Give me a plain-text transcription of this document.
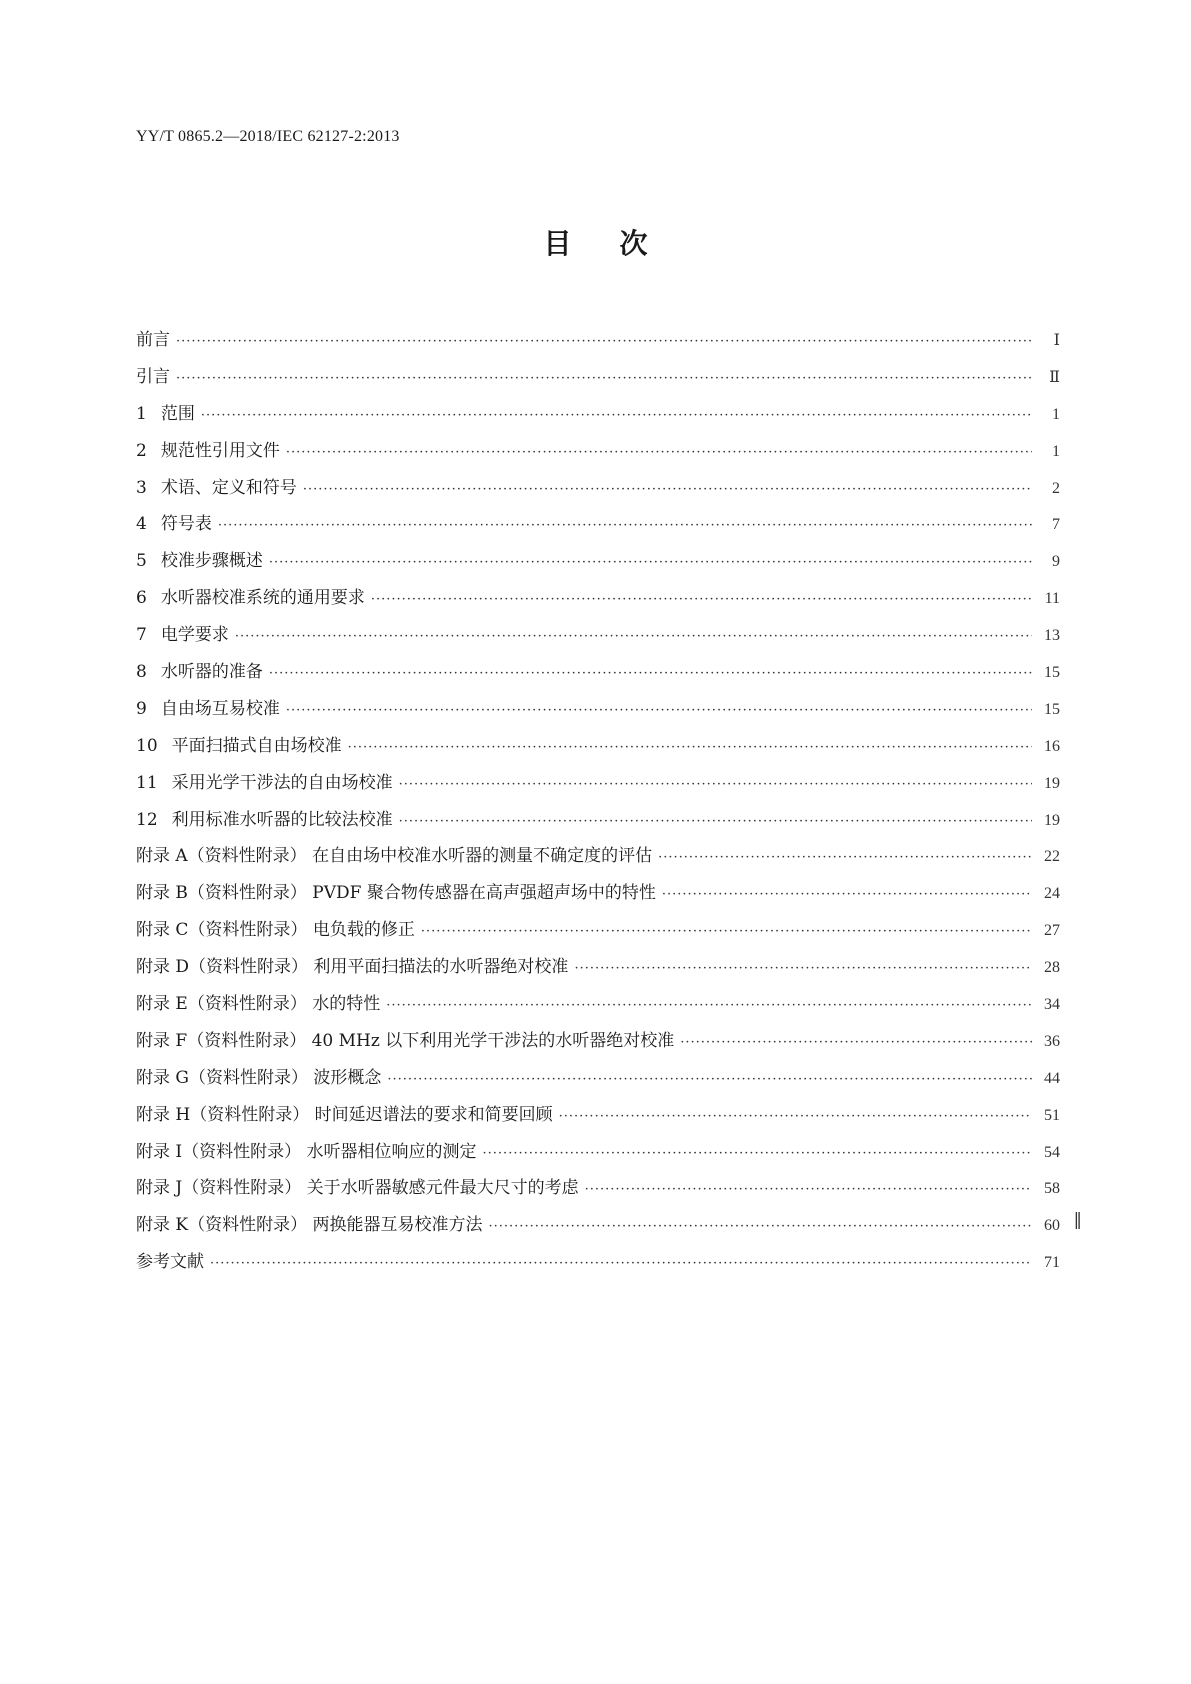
YY/T 0865.2—2018/IEC 62127-2:2013
目次
前言 ·····	Ⅰ
引言 ·····	Ⅱ
1 范围 ·····	1
2 规范性引用文件 ·····	1
3 术语、定义和符号 ·····	2
4 符号表 ·····	7
5 校准步骤概述 ·····	9
6 水听器校准系统的通用要求 ·····	11
7 电学要求 ·····	13
8 水听器的准备 ·····	15
9 自由场互易校准 ·····	15
10 平面扫描式自由场校准 ·····	16
11 采用光学干涉法的自由场校准 ·····	19
12 利用标准水听器的比较法校准 ·····	19
附录 A（资料性附录） 在自由场中校准水听器的测量不确定度的评估 ·····	22
附录 B（资料性附录） PVDF 聚合物传感器在高声强超声场中的特性 ·····	24
附录 C（资料性附录） 电负载的修正 ·····	27
附录 D（资料性附录） 利用平面扫描法的水听器绝对校准 ·····	28
附录 E（资料性附录） 水的特性 ·····	34
附录 F（资料性附录） 40 MHz 以下利用光学干涉法的水听器绝对校准 ·····	36
附录 G（资料性附录） 波形概念 ·····	44
附录 H（资料性附录） 时间延迟谱法的要求和简要回顾 ·····	51
附录 I（资料性附录） 水听器相位响应的测定 ·····	54
附录 J（资料性附录） 关于水听器敏感元件最大尺寸的考虑 ·····	58
附录 K（资料性附录） 两换能器互易校准方法 ·····	60 ‖
参考文献 ·····	71
